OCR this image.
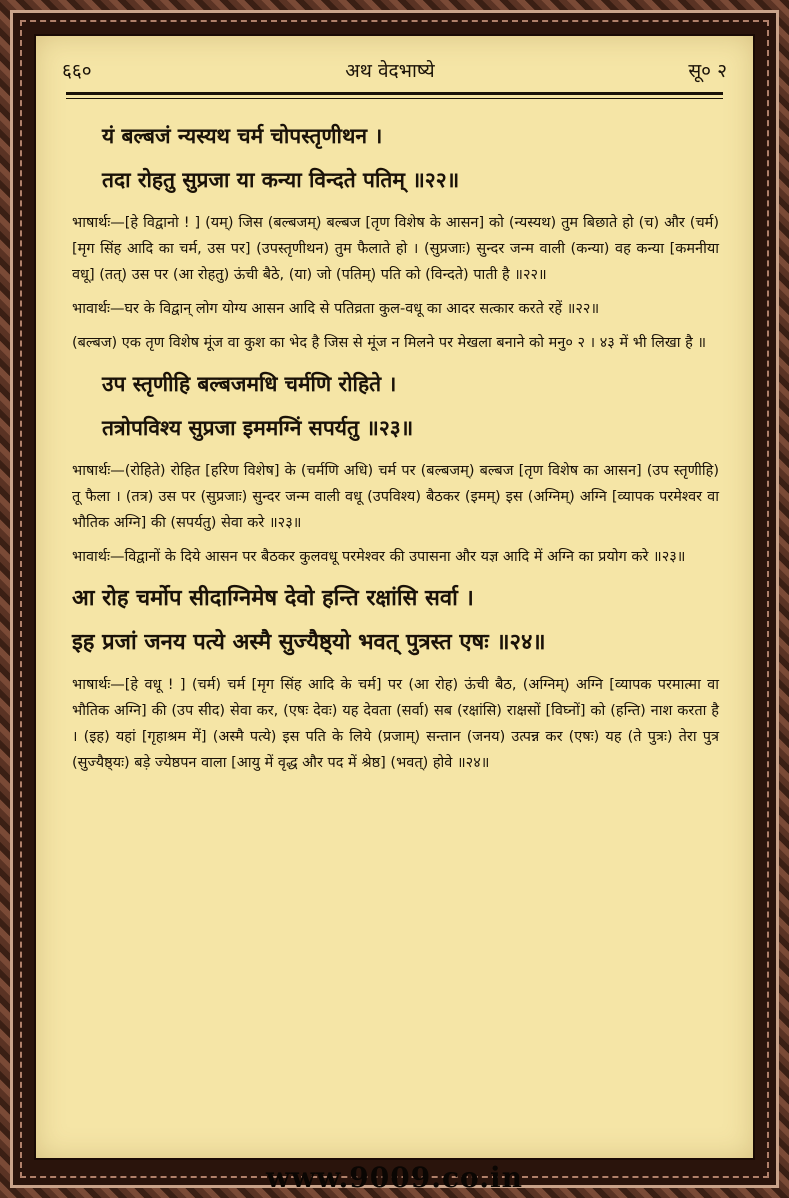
६६०	अथ वेदभाष्ये	सू० २
यं बल्बजं न्यस्यथ चर्म चोपस्तृणीथन ।
तदा रोहतु सुप्रजा या कन्या विन्दते पतिम् ॥२२॥

भाषार्थः—[हे विद्वानो ! ] (यम्) जिस (बल्बजम्) बल्बज [तृण विशेष के आसन] को (न्यस्यथ) तुम बिछाते हो (च) और (चर्म) [मृग सिंह आदि का चर्म, उस पर] (उपस्तृणीथन) तुम फैलाते हो । (सुप्रजाः) सुन्दर जन्म वाली (कन्या) वह कन्या [कमनीया वधू] (तत्) उस पर (आ रोहतु) ऊंची बैठे, (या) जो (पतिम्) पति को (विन्दते) पाती है ॥२२॥

भावार्थः—घर के विद्वान् लोग योग्य आसन आदि से पतिव्रता कुल-वधू का आदर सत्कार करते रहें ॥२२॥

(बल्बज) एक तृण विशेष मूंज वा कुश का भेद है जिस से मूंज न मिलने पर मेखला बनाने को मनु० २ । ४३ में भी लिखा है ॥

उप स्तृणीहि बल्बजमधि चर्मणि रोहिते ।
तत्रोपविश्य सुप्रजा इममग्निं सपर्यतु ॥२३॥

भाषार्थः—(रोहिते) रोहित [हरिण विशेष] के (चर्मणि अधि) चर्म पर (बल्बजम्) बल्बज [तृण विशेष का आसन] (उप स्तृणीहि) तू फैला । (तत्र) उस पर (सुप्रजाः) सुन्दर जन्म वाली वधू (उपविश्य) बैठकर (इमम्) इस (अग्निम्) अग्नि [व्यापक परमेश्वर वा भौतिक अग्नि] की (सपर्यतु) सेवा करे ॥२३॥

भावार्थः—विद्वानों के दिये आसन पर बैठकर कुलवधू परमेश्वर की उपासना और यज्ञ आदि में अग्नि का प्रयोग करे ॥२३॥

आ रोह चर्मोप सीदाग्निमेष देवो हन्ति रक्षांसि सर्वा ।
इह प्रजां जनय पत्ये अस्मै सुज्यैष्ठ्यो भवत् पुत्रस्त एषः ॥२४॥

भाषार्थः—[हे वधू ! ] (चर्म) चर्म [मृग सिंह आदि के चर्म] पर (आ रोह) ऊंची बैठ, (अग्निम्) अग्नि [व्यापक परमात्मा वा भौतिक अग्नि] की (उप सीद) सेवा कर, (एषः देवः) यह देवता (सर्वा) सब (रक्षांसि) राक्षसों [विघ्नों] को (हन्ति) नाश करता है । (इह) यहां [गृहाश्रम में] (अस्मै पत्ये) इस पति के लिये (प्रजाम्) सन्तान (जनय) उत्पन्न कर (एषः) यह (ते पुत्रः) तेरा पुत्र (सुज्यैष्ठ्यः) बड़े ज्येष्ठपन वाला [आयु में वृद्ध और पद में श्रेष्ठ] (भवत्) होवे ॥२४॥

www.9009.co.in
